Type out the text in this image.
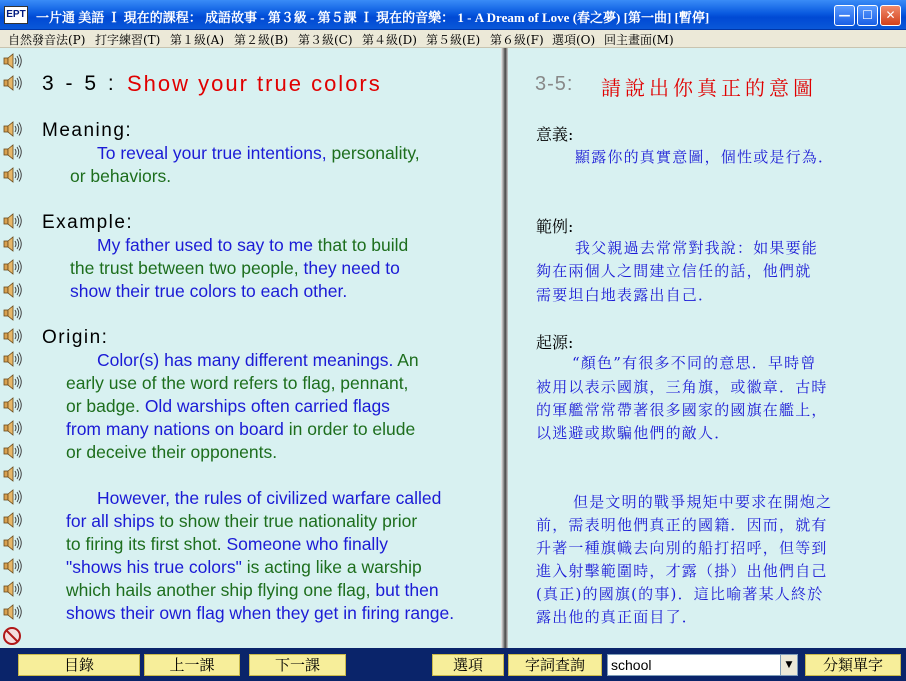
EPT 一片通 美語 Ｉ 現在的課程： 成語故事 - 第３級 - 第５課 Ｉ 現在的音樂： 1 - A Dream of Love (春之夢) [第一曲] [暫停]	— ☐	✕
自然發音法(P) 打字練習(T) 第１級(A) 第２級(B) 第３級(C) 第４級(D) 第５級(E) 第６級(F) 選項(O) 回主畫面(M)
3 - 5 : Show your true colors
Meaning:
To reveal your true intentions, personality,
or behaviors.
Example:
My father used to say to me that to build
the trust between two people, they need to
show their true colors to each other.
Origin:
Color(s) has many different meanings. An
early use of the word refers to flag, pennant,
or badge. Old warships often carried flags
from many nations on board in order to elude
or deceive their opponents.
However, the rules of civilized warfare called
for all ships to show their true nationality prior
to firing its first shot. Someone who finally
"shows his true colors" is acting like a warship
which hails another ship flying one flag, but then
shows their own flag when they get in firing range.
3-5: 請說出你真正的意圖
意義:
顯露你的真實意圖，個性或是行為．
範例:
我父親過去常常對我說：如果要能
夠在兩個人之間建立信任的話，他們就
需要坦白地表露出自己．
起源:
“顏色”有很多不同的意思．早時曾
被用以表示國旗，三角旗，或徽章．古時
的軍艦常常帶著很多國家的國旗在艦上，
以逃避或欺騙他們的敵人．
但是文明的戰爭規矩中要求在開炮之
前，需表明他們真正的國籍．因而，就有
升著一種旗幟去向別的船打招呼，但等到
進入射擊範圍時，才露（掛）出他們自己
(真正)的國旗(的事)．這比喻著某人終於
露出他的真正面目了．
目錄	上一課	下一課	選項	字詞查詢	school	▼	分類單字
